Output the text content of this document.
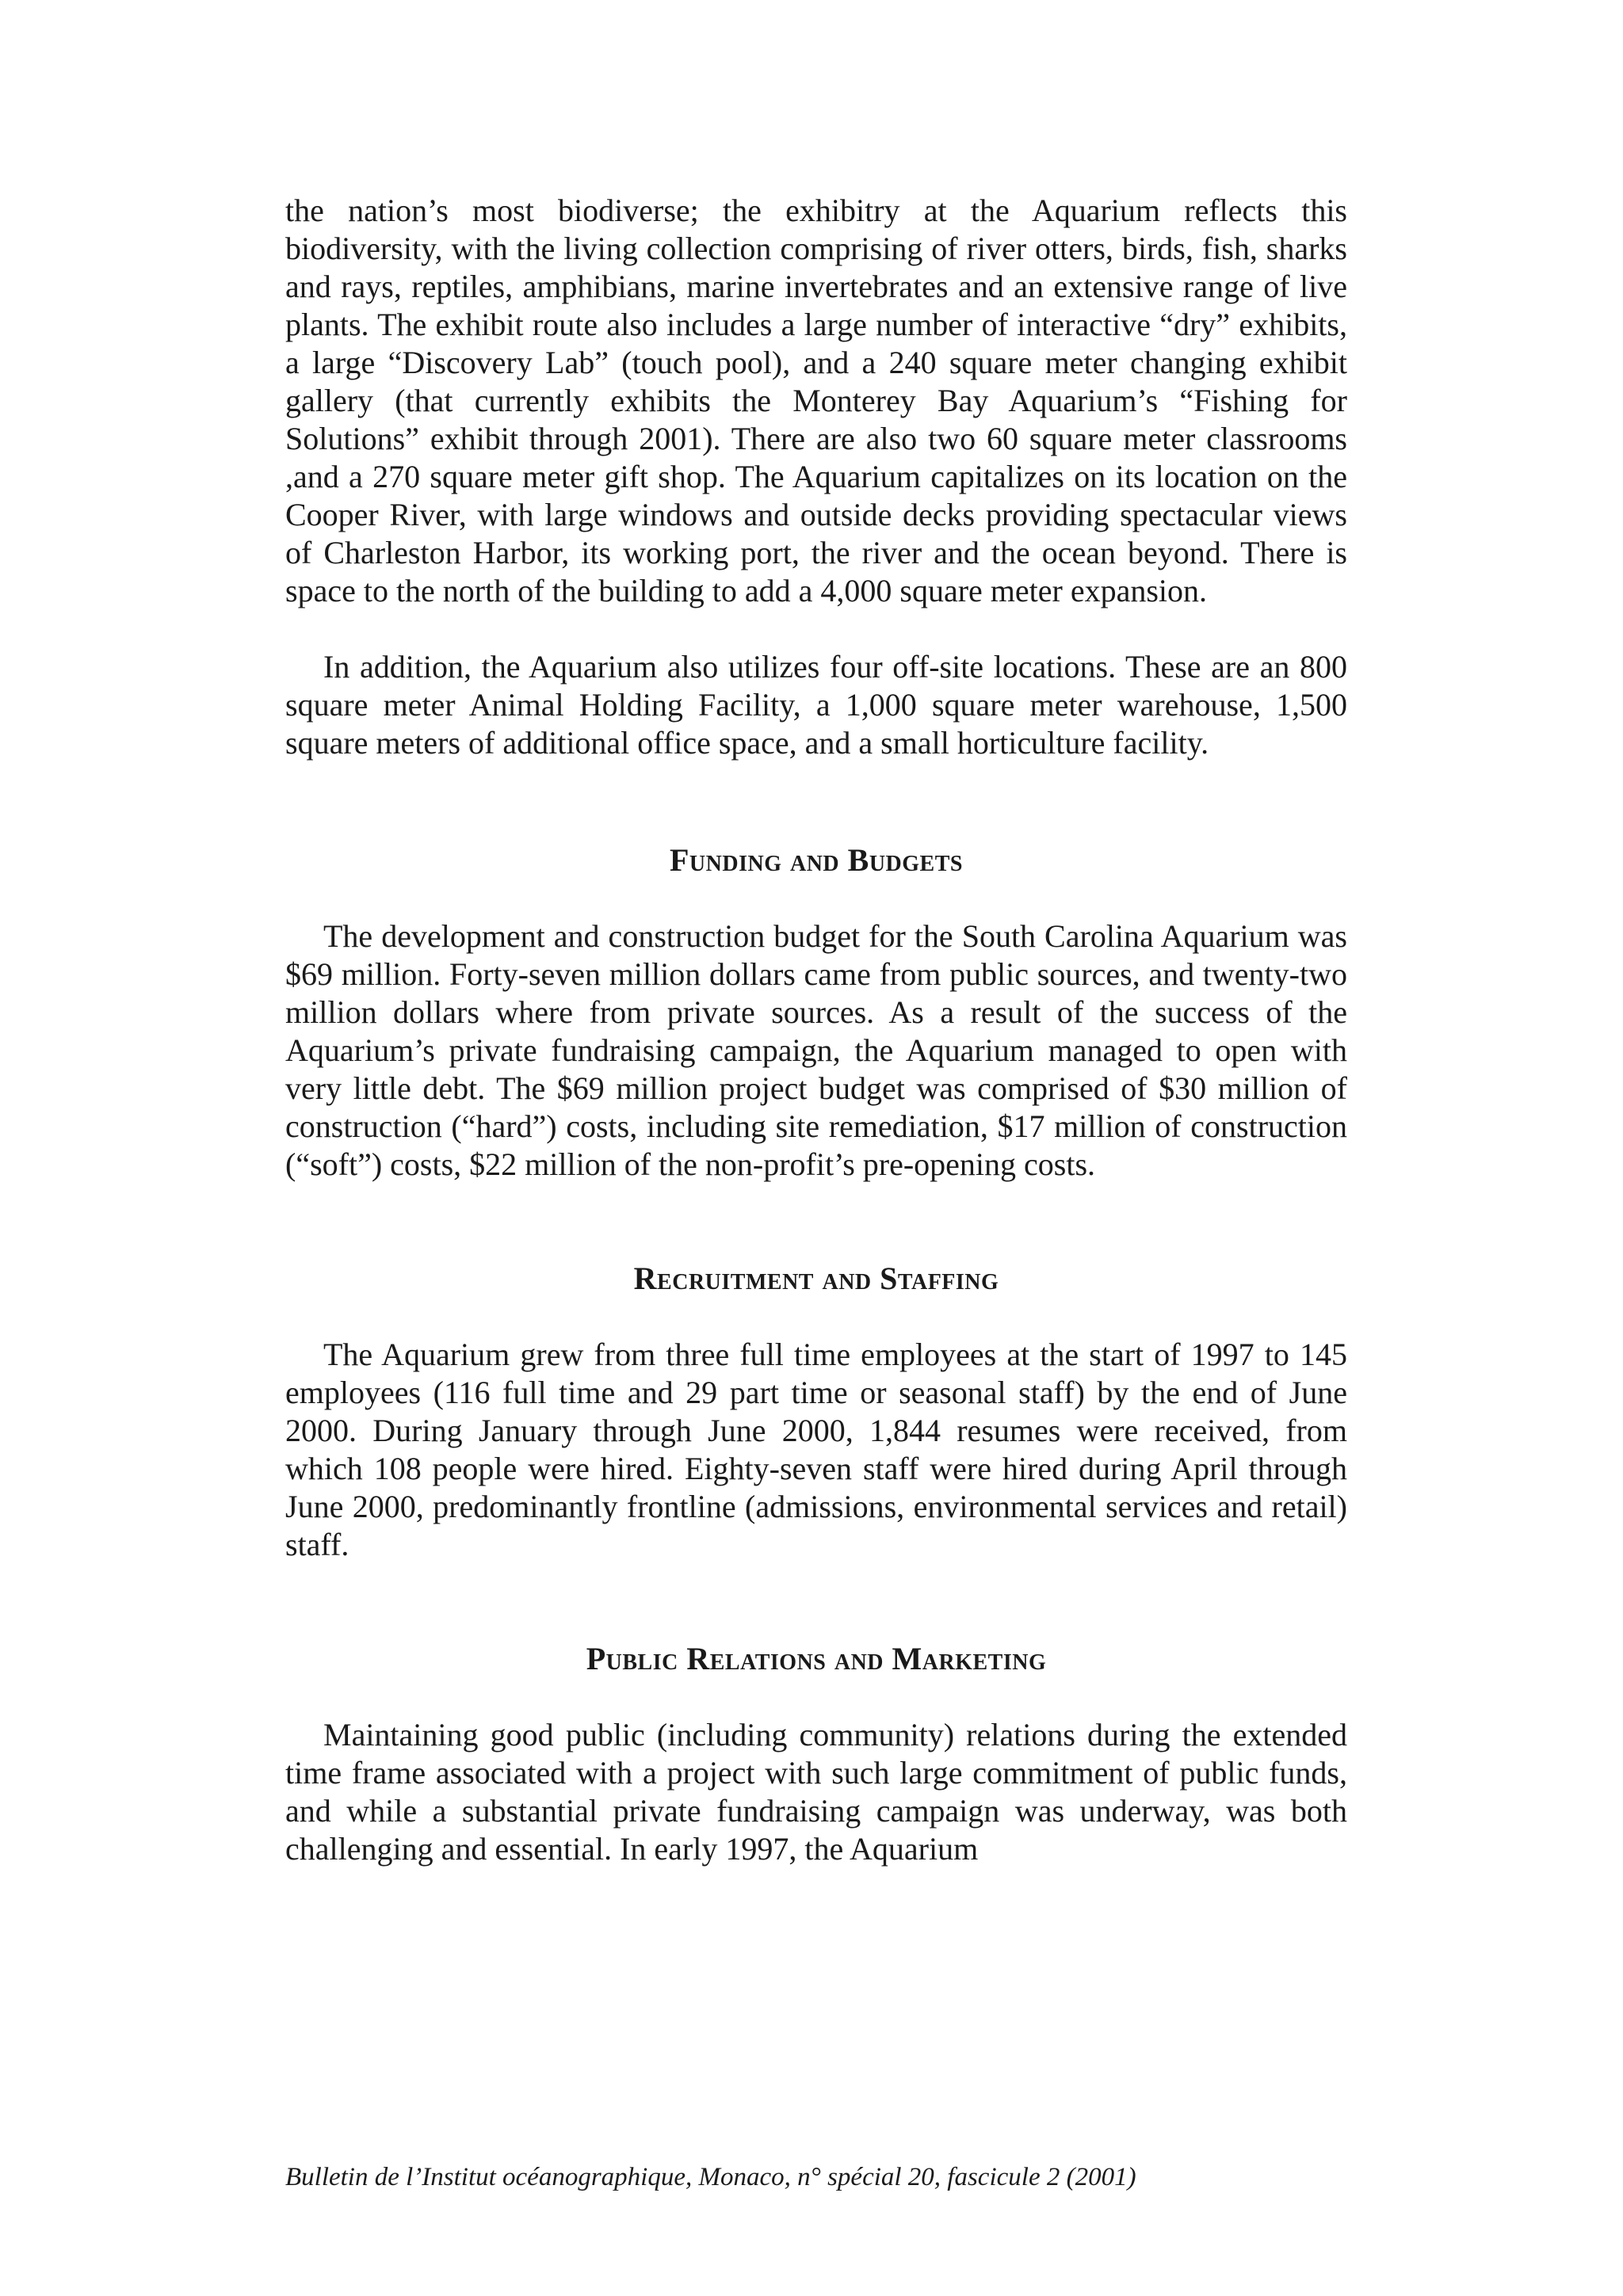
the nation’s most biodiverse; the exhibitry at the Aquarium reflects this biodiversity, with the living collection comprising of river otters, birds, fish, sharks and rays, reptiles, amphibians, marine invertebrates and an extensive range of live plants. The exhibit route also includes a large number of interactive “dry” exhibits, a large “Discovery Lab” (touch pool), and a 240 square meter changing exhibit gallery (that currently exhibits the Monterey Bay Aquarium’s “Fishing for Solutions” exhibit through 2001). There are also two 60 square meter classrooms ,and a 270 square meter gift shop. The Aquarium capitalizes on its location on the Cooper River, with large windows and outside decks providing spectacular views of Charleston Harbor, its working port, the river and the ocean beyond. There is space to the north of the building to add a 4,000 square meter expansion.

In addition, the Aquarium also utilizes four off-site locations. These are an 800 square meter Animal Holding Facility, a 1,000 square meter warehouse, 1,500 square meters of additional office space, and a small horticulture facility.

Funding and Budgets

The development and construction budget for the South Carolina Aquarium was $69 million. Forty-seven million dollars came from public sources, and twenty-two million dollars where from private sources. As a result of the success of the Aquarium’s private fundraising campaign, the Aquarium managed to open with very little debt. The $69 million project budget was comprised of $30 million of construction (“hard”) costs, including site remediation, $17 million of construction (“soft”) costs, $22 million of the non-profit’s pre-opening costs.

Recruitment and Staffing

The Aquarium grew from three full time employees at the start of 1997 to 145 employees (116 full time and 29 part time or seasonal staff) by the end of June 2000. During January through June 2000, 1,844 resumes were received, from which 108 people were hired. Eighty-seven staff were hired during April through June 2000, predominantly frontline (admissions, environmental services and retail) staff.

Public Relations and Marketing

Maintaining good public (including community) relations during the extended time frame associated with a project with such large commitment of public funds, and while a substantial private fundraising campaign was underway, was both challenging and essential. In early 1997, the Aquarium

Bulletin de l’Institut océanographique, Monaco, n° spécial 20, fascicule 2 (2001)
